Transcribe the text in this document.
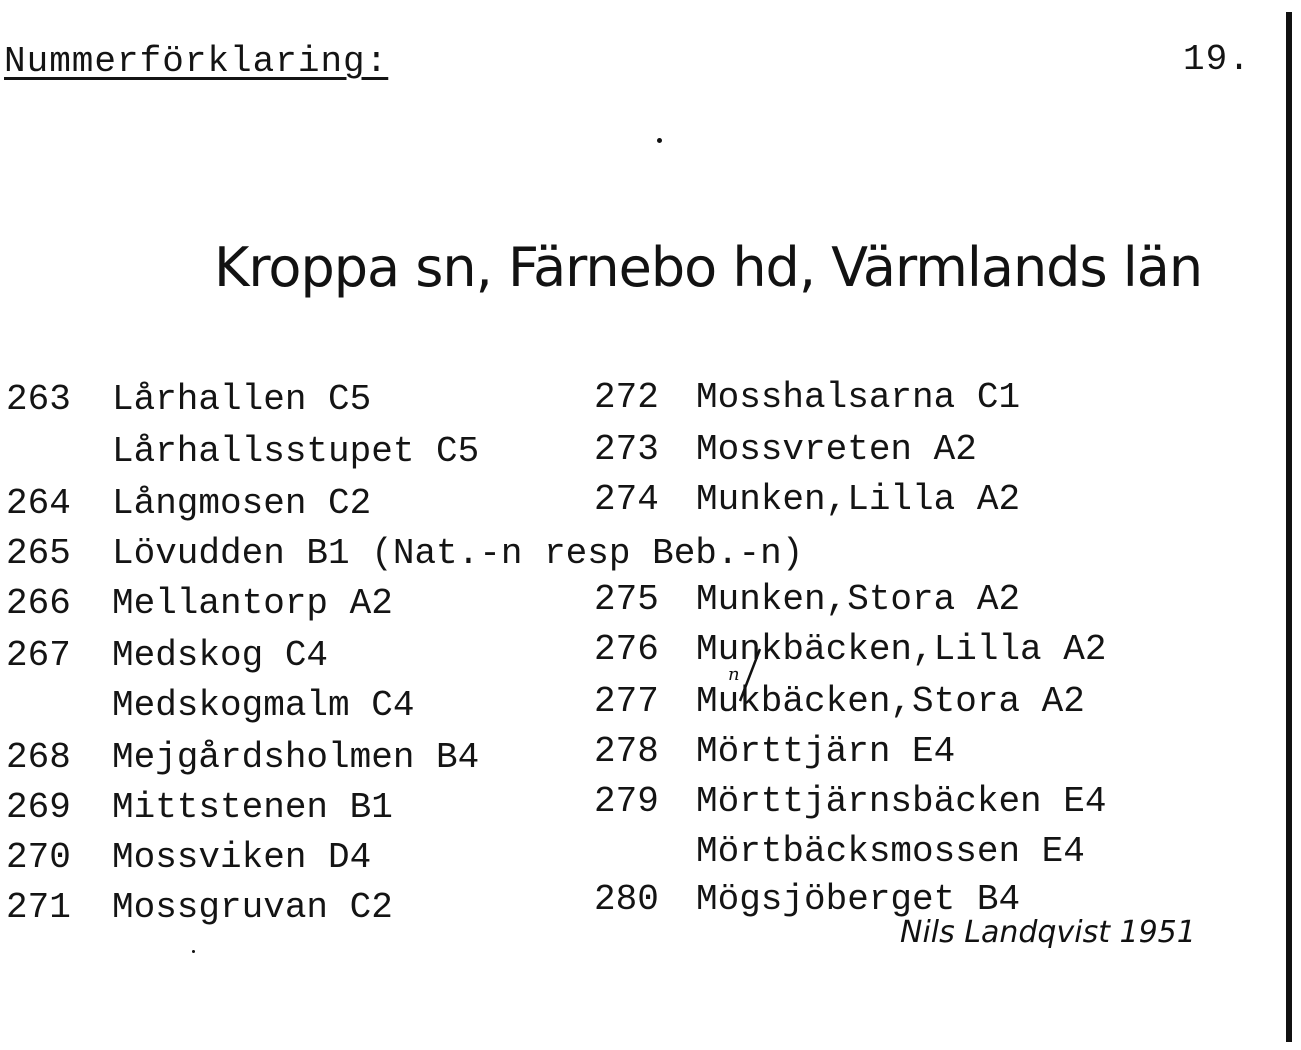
Nummerförklaring:	19.
Kroppa sn, Färnebo hd, Värmlands län
263 Lårhallen C5
Lårhallsstupet C5
264 Långmosen C2
265 Lövudden B1 (Nat.-n resp Beb.-n)
266 Mellantorp A2
267 Medskog C4
Medskogmalm C4
268 Mejgårdsholmen B4
269 Mittstenen B1
270 Mossviken D4
271 Mossgruvan C2
272 Mosshalsarna C1
273 Mossvreten A2
274 Munken,Lilla A2
275 Munken,Stora A2
276 Munkbäcken,Lilla A2
277 Mukbäcken,Stora A2
278 Mörttjärn E4
279 Mörttjärnsbäcken E4
Mörtbäcksmossen E4
280 Mögsjöberget B4
n
Nils Landqvist 1951
